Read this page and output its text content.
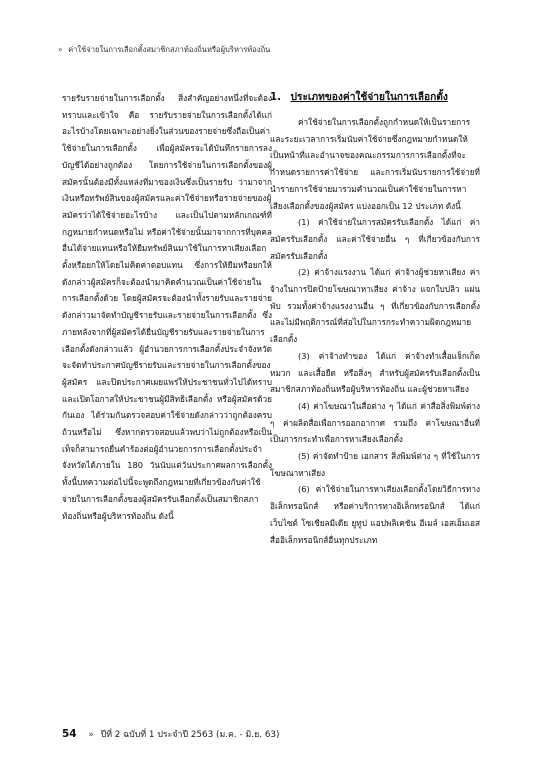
» ค่าใช้จ่ายในการเลือกตั้งสมาชิกสภาท้องถิ่นหรือผู้บริหารท้องถิ่น

รายรับรายจ่ายในการเลือกตั้ง สิ่งสำคัญอย่างหนึ่งที่จะต้องทราบและเข้าใจ คือ รายรับรายจ่ายในการเลือกตั้งได้แก่อะไรบ้างโดยเฉพาะอย่างยิ่งในส่วนของรายจ่ายซึ่งถือเป็นค่าใช้จ่ายในการเลือกตั้ง เพื่อผู้สมัครจะได้บันทึกรายการลงบัญชีได้อย่างถูกต้อง โดยการใช้จ่ายในการเลือกตั้งของผู้สมัครนั้นต้องมีทั้งแหล่งที่มาของเงินซึ่งเป็นรายรับ ว่ามาจากเงินหรือทรัพย์สินของผู้สมัครและค่าใช้จ่ายหรือรายจ่ายของผู้สมัครว่าได้ใช้จ่ายอะไรบ้าง และเป็นไปตามหลักเกณฑ์ที่กฎหมายกำหนดหรือไม่ หรือค่าใช้จ่ายนั้นมาจากการที่บุคคลอื่นได้จ่ายแทนหรือให้ยืมทรัพย์สินมาใช้ในการหาเสียงเลือกตั้งหรือยกให้โดยไม่คิดค่าตอบแทน ซึ่งการให้ยืมหรือยกให้ดังกล่าวผู้สมัครก็จะต้องนำมาคิดคำนวณเป็นค่าใช้จ่ายในการเลือกตั้งด้วย โดยผู้สมัครจะต้องนำทั้งรายรับและรายจ่ายดังกล่าวมาจัดทำบัญชีรายรับและรายจ่ายในการเลือกตั้ง ซึ่งภายหลังจากที่ผู้สมัครได้ยื่นบัญชีรายรับและรายจ่ายในการเลือกตั้งดังกล่าวแล้ว ผู้อำนวยการการเลือกตั้งประจำจังหวัดจะจัดทำประกาศบัญชีรายรับและรายจ่ายในการเลือกตั้งของผู้สมัคร และปิดประกาศเผยแพร่ให้ประชาชนทั่วไปได้ทราบ และเปิดโอกาสให้ประชาชนผู้มีสิทธิเลือกตั้ง หรือผู้สมัครด้วยกันเอง ได้ร่วมกันตรวจสอบค่าใช้จ่ายดังกล่าวว่าถูกต้องครบถ้วนหรือไม่ ซึ่งหากตรวจสอบแล้วพบว่าไม่ถูกต้องหรือเป็นเท็จก็สามารถยื่นคำร้องต่อผู้อำนวยการการเลือกตั้งประจำจังหวัดได้ภายใน 180 วันนับแต่วันประกาศผลการเลือกตั้ง ทั้งนี้บทความต่อไปนี้จะพูดถึงกฎหมายที่เกี่ยวข้องกับค่าใช้จ่ายในการเลือกตั้งของผู้สมัครรับเลือกตั้งเป็นสมาชิกสภาท้องถิ่นหรือผู้บริหารท้องถิ่น ดังนี้

1. ประเภทของค่าใช้จ่ายในการเลือกตั้ง

ค่าใช้จ่ายในการเลือกตั้งถูกกำหนดให้เป็นรายการ และระยะเวลาการเริ่มนับค่าใช้จ่ายซึ่งกฎหมายกำหนดให้เป็นหน้าที่และอำนาจของคณะกรรมการการเลือกตั้งที่จะกำหนดรายการค่าใช้จ่าย และการเริ่มนับรายการใช้จ่ายที่นำรายการใช้จ่ายมารวมคำนวณเป็นค่าใช้จ่ายในการหาเสียงเลือกตั้งของผู้สมัคร แบ่งออกเป็น 12 ประเภท ดังนี้

(1) ค่าใช้จ่ายในการสมัครรับเลือกตั้ง ได้แก่ ค่าสมัครรับเลือกตั้ง และค่าใช้จ่ายอื่น ๆ ที่เกี่ยวข้องกับการสมัครรับเลือกตั้ง

(2) ค่าจ้างแรงงาน ได้แก่ ค่าจ้างผู้ช่วยหาเสียง ค่าจ้างในการปิดป้ายโฆษณาหาเสียง ค่าจ้าง แจกใบปลิว แผ่นพับ รวมทั้งค่าจ้างแรงงานอื่น ๆ ที่เกี่ยวข้องกับการเลือกตั้ง และไม่มีพฤติการณ์ที่ส่อไปในการกระทำความผิดกฎหมายเลือกตั้ง

(3) ค่าจ้างทำของ ได้แก่ ค่าจ้างทำเสื้อแจ็กเก็ต หมวก และเสื้อยืด หรือสิ่งๆ สำหรับผู้สมัครรับเลือกตั้งเป็นสมาชิกสภาท้องถิ่นหรือผู้บริหารท้องถิ่น และผู้ช่วยหาเสียง

(4) ค่าโฆษณาในสื่อต่าง ๆ ได้แก่ ค่าสื่อสิ่งพิมพ์ต่าง ๆ ค่าผลิตสื่อเพื่อการออกอากาศ รวมถึง ค่าโฆษณาอื่นที่เป็นการกระทำเพื่อการหาเสียงเลือกตั้ง

(5) ค่าจัดทำป้าย เอกสาร สิ่งพิมพ์ต่าง ๆ ที่ใช้ในการโฆษณาหาเสียง

(6) ค่าใช้จ่ายในการหาเสียงเลือกตั้งโดยวิธีการทางอิเล็กทรอนิกส์ หรือค่าบริการทางอิเล็กทรอนิกส์ ได้แก่ เว็บไซต์ โซเชียลมีเดีย ยูทูป แอปพลิเคชัน อีเมล์ เอสเอ็มเอส สื่ออิเล็กทรอนิกส์อื่นทุกประเภท

54 » ปีที่ 2 ฉบับที่ 1 ประจำปี 2563 (ม.ค. - มิ.ย. 63)
